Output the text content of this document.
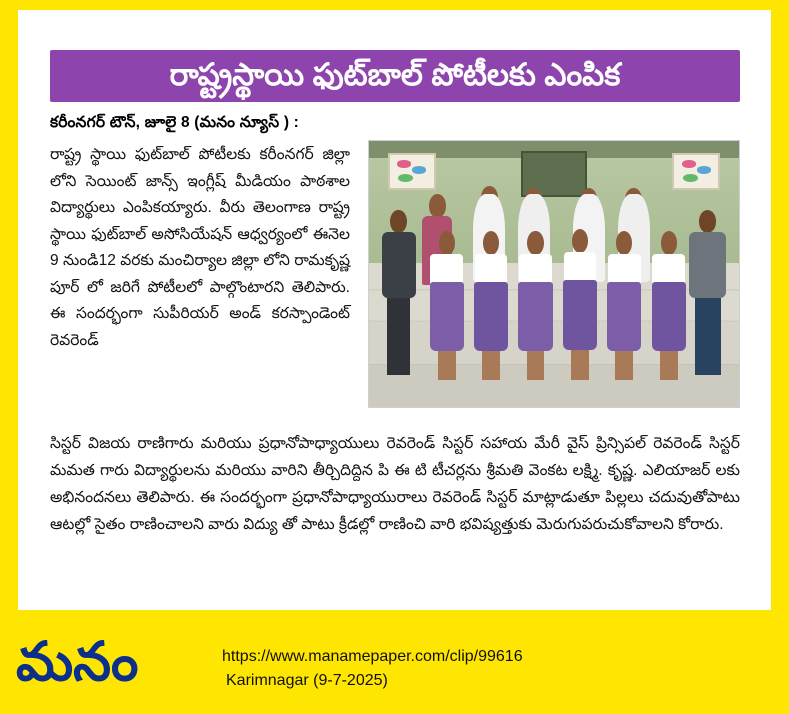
రాష్ట్రస్థాయి ఫుట్‌బాల్ పోటీలకు ఎంపిక
కరీంనగర్ టౌన్, జూలై 8 (మనం న్యూస్ ) :
రాష్ట్ర స్థాయి ఫుట్‌బాల్ పోటీలకు కరీంనగర్ జిల్లా లోని సెయింట్ జాన్స్ ఇంగ్లీష్ మీడియం పాఠశాల విద్యార్థులు ఎంపికయ్యారు. వీరు తెలంగాణ రాష్ట్ర స్థాయి ఫుట్‌బాల్ అసోసియేషన్ ఆధ్వర్యంలో ఈనెల 9 నుండి12 వరకు మంచిర్యాల జిల్లా లోని రామకృష్ణ పూర్ లో జరిగే పోటీలలో పాల్గొంటారని తెలిపారు. ఈ సందర్భంగా సుపీరియర్ అండ్ కరస్పాండెంట్ రెవరెండ్
సిస్టర్ విజయ రాణిగారు మరియు ప్రధానోపాధ్యాయులు రెవరెండ్ సిస్టర్ సహాయ మేరీ వైస్ ప్రిన్సిపల్ రెవరెండ్ సిస్టర్ మమత గారు విద్యార్థులను మరియు వారిని తీర్చిదిద్దిన పి ఈ టి టీచర్లను శ్రీమతి వెంకట లక్ష్మి. కృష్ణ. ఎలియాజర్ లకు అభినందనలు తెలిపారు. ఈ సందర్భంగా ప్రధానోపాధ్యాయురాలు రెవరెండ్ సిస్టర్ మాట్లాడుతూ పిల్లలు చదువుతోపాటు ఆటల్లో సైతం రాణించాలని వారు విద్యు తో పాటు క్రీడల్లో రాణించి వారి భవిష్యత్తుకు మెరుగుపరుచుకోవాలని కోరారు.
మనం	https://www.manamepaper.com/clip/99616
Karimnagar (9-7-2025)
